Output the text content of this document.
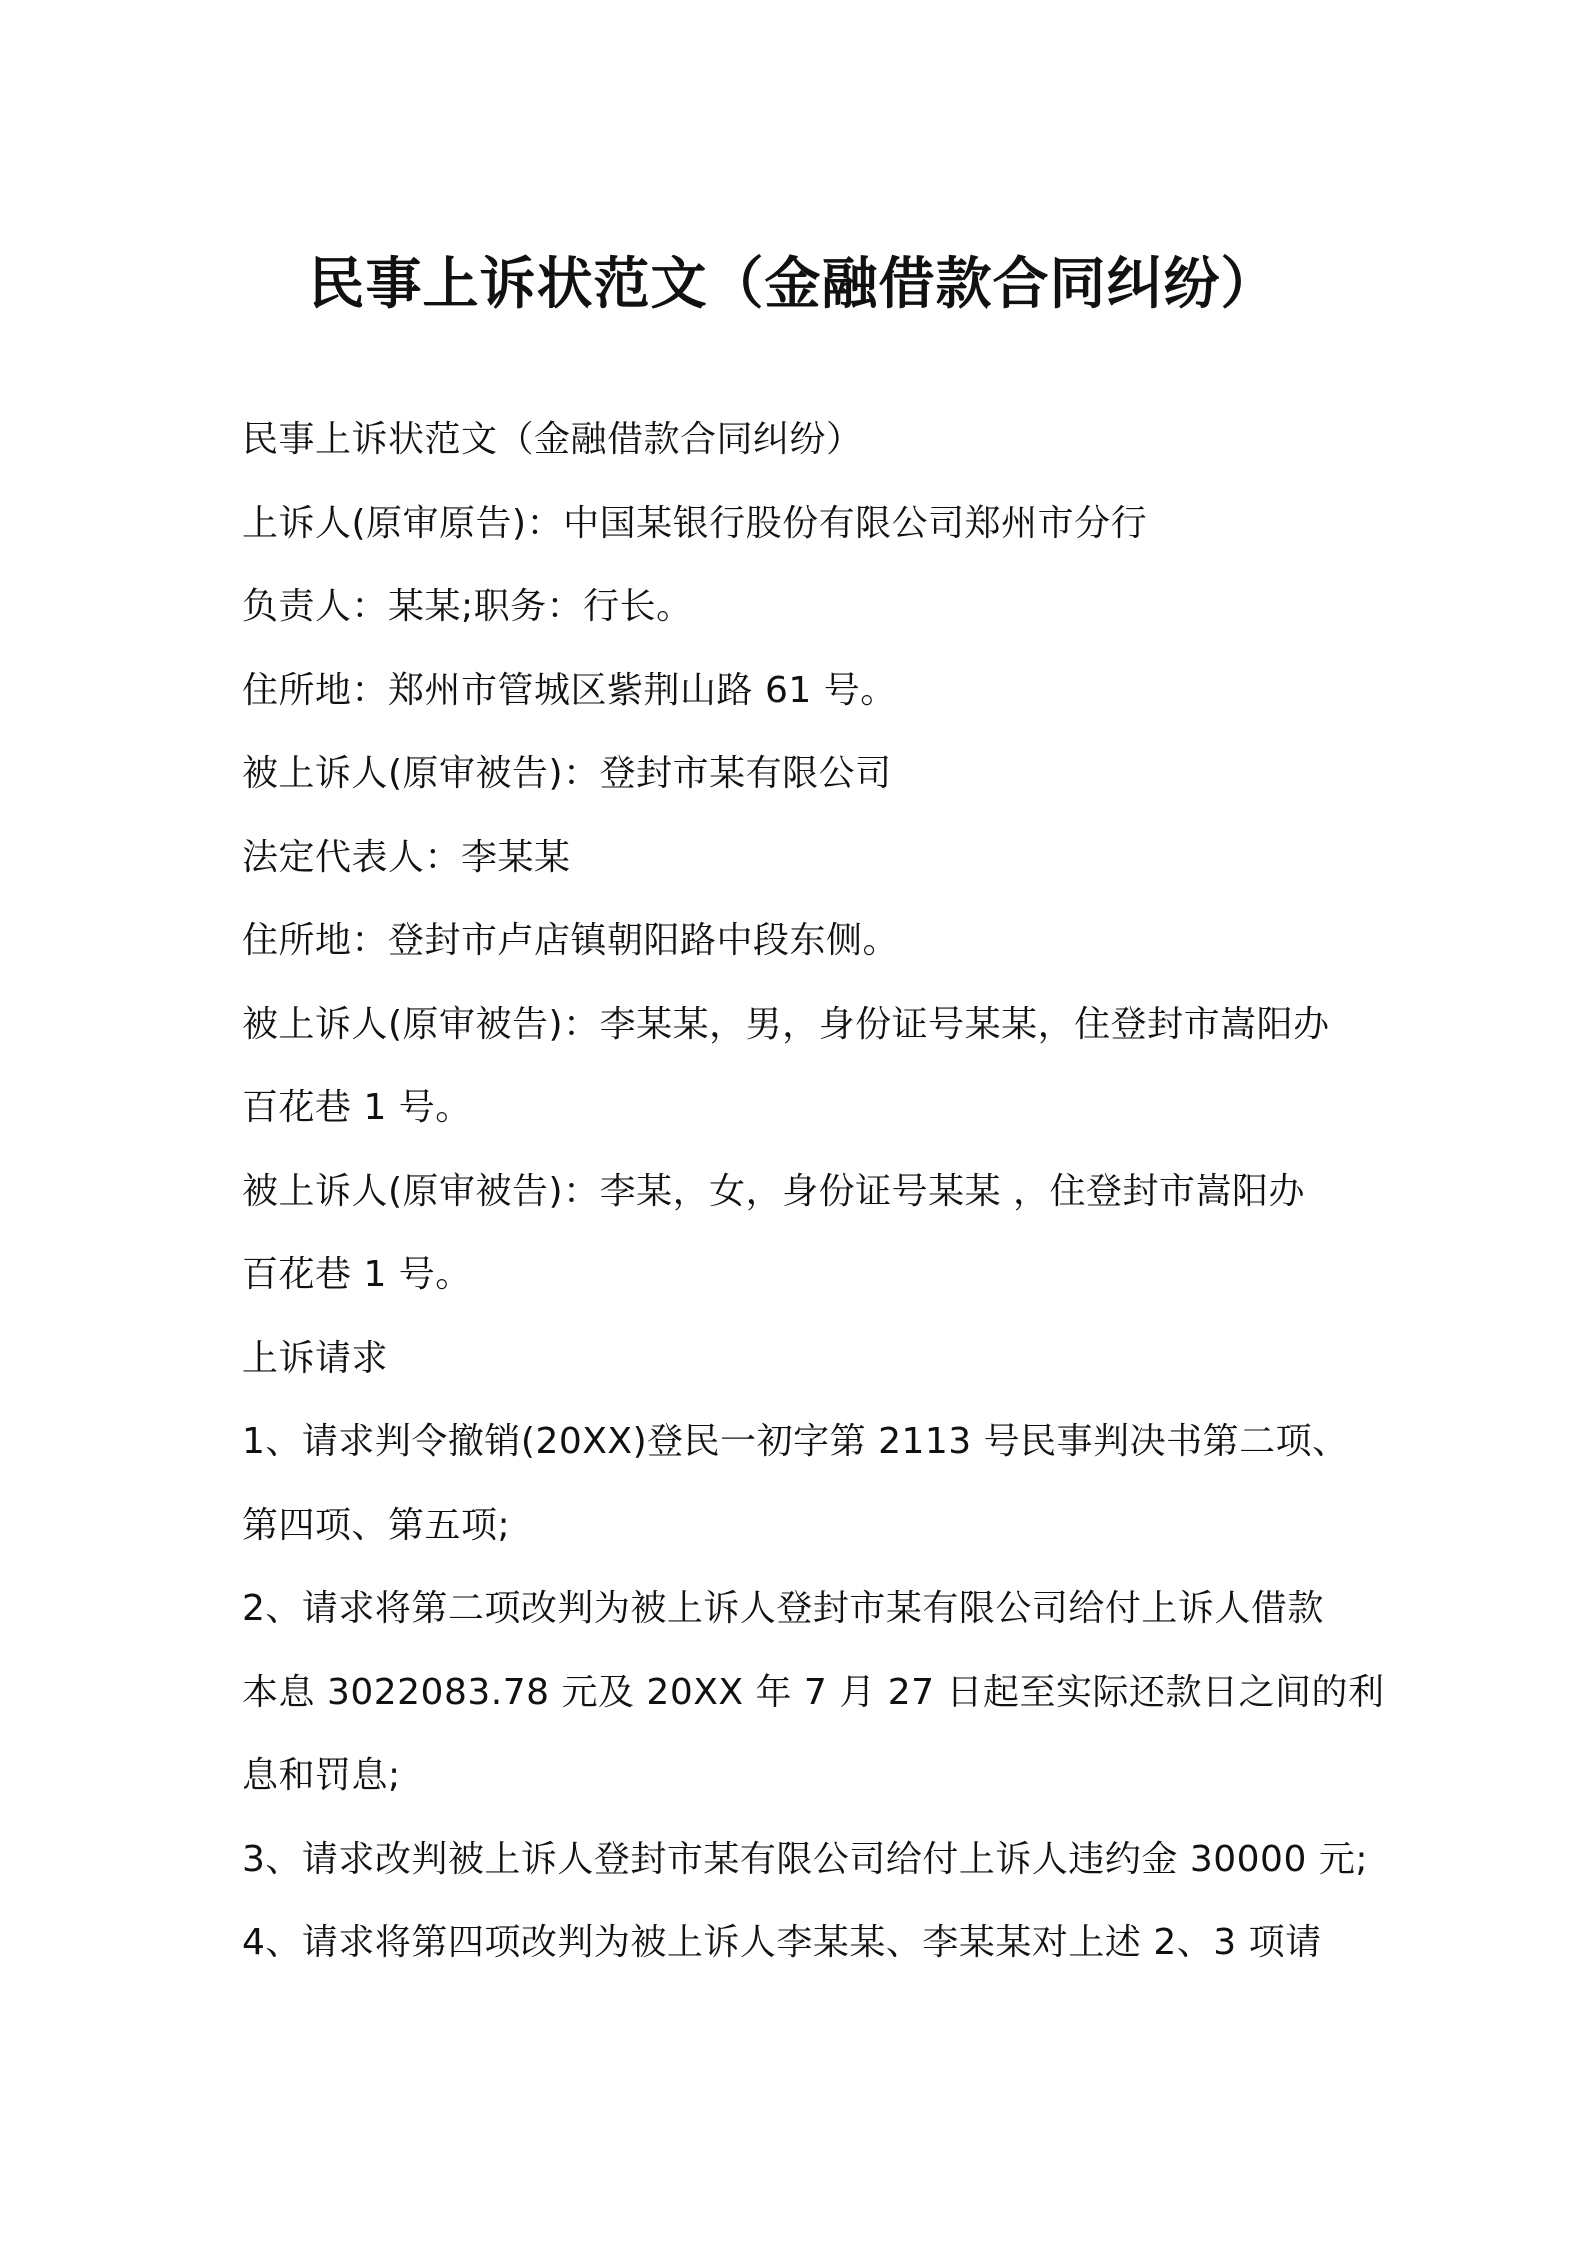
民事上诉状范文（金融借款合同纠纷）
民事上诉状范文（金融借款合同纠纷）
上诉人(原审原告)：中国某银行股份有限公司郑州市分行
负责人：某某;职务：行长。
住所地：郑州市管城区紫荆山路 61 号。
被上诉人(原审被告)：登封市某有限公司
法定代表人：李某某
住所地：登封市卢店镇朝阳路中段东侧。
被上诉人(原审被告)：李某某，男，身份证号某某，住登封市嵩阳办
百花巷 1 号。
被上诉人(原审被告)：李某，女，身份证号某某 ，住登封市嵩阳办
百花巷 1 号。
上诉请求
1、请求判令撤销(20XX)登民一初字第 2113 号民事判决书第二项、
第四项、第五项;
2、请求将第二项改判为被上诉人登封市某有限公司给付上诉人借款
本息 3022083.78 元及 20XX 年 7 月 27 日起至实际还款日之间的利
息和罚息;
3、请求改判被上诉人登封市某有限公司给付上诉人违约金 30000 元;
4、请求将第四项改判为被上诉人李某某、李某某对上述 2、3 项请
